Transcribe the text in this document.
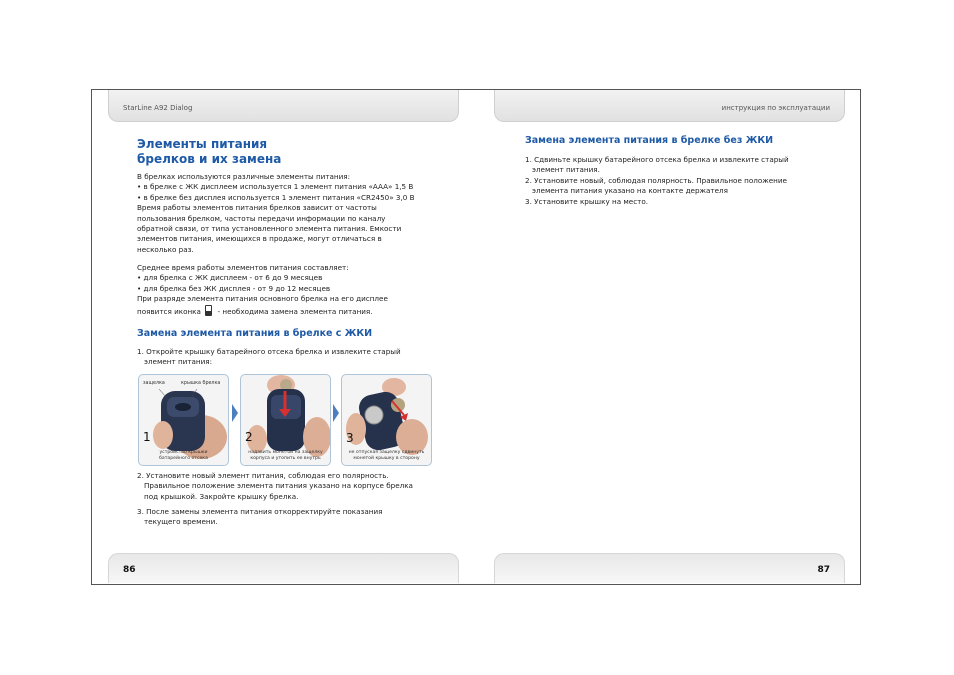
StarLine A92 Dialog	инструкция по эксплуатации
86	87
Элементы питания
брелков и их замена

В брелках используются различные элементы питания:

• в брелке с ЖК дисплеем используется 1 элемент питания «AAA» 1,5 В

• в брелке без дисплея используется 1 элемент питания «CR2450» 3,0 В

Время работы элементов питания брелков зависит от частоты

пользования брелком, частоты передачи информации по каналу

обратной связи, от типа установленного элемента питания. Емкости

элементов питания, имеющихся в продаже, могут отличаться в

несколько раз.

Среднее время работы элементов питания составляет:

• для брелка с ЖК дисплеем - от 6 до 9 месяцев

• для брелка без ЖК дисплея - от 9 до 12 месяцев

При разряде элемента питания основного брелка на его дисплее

появится иконка - необходима замена элемента питания.

Замена элемента питания в брелке с ЖКИ

1. Откройте крышку батарейного отсека брелка и извлеките старый

элемент питания:

защелка	крышка брелка
1
устройство крышки
батарейного отсека
2
надавить монетой на защелку
корпуса и утопить ее внутрь
3
не отпуская защелку сдвинуть
монетой крышку в сторону

2. Установите новый элемент питания, соблюдая его полярность.

Правильное положение элемента питания указано на корпусе брелка

под крышкой. Закройте крышку брелка.

3. После замены элемента питания откорректируйте показания

текущего времени.

Замена элемента питания в брелке без ЖКИ

1. Сдвиньте крышку батарейного отсека брелка и извлеките старый

элемент питания.

2. Установите новый, соблюдая полярность. Правильное положение

элемента питания указано на контакте держателя

3. Установите крышку на место.
